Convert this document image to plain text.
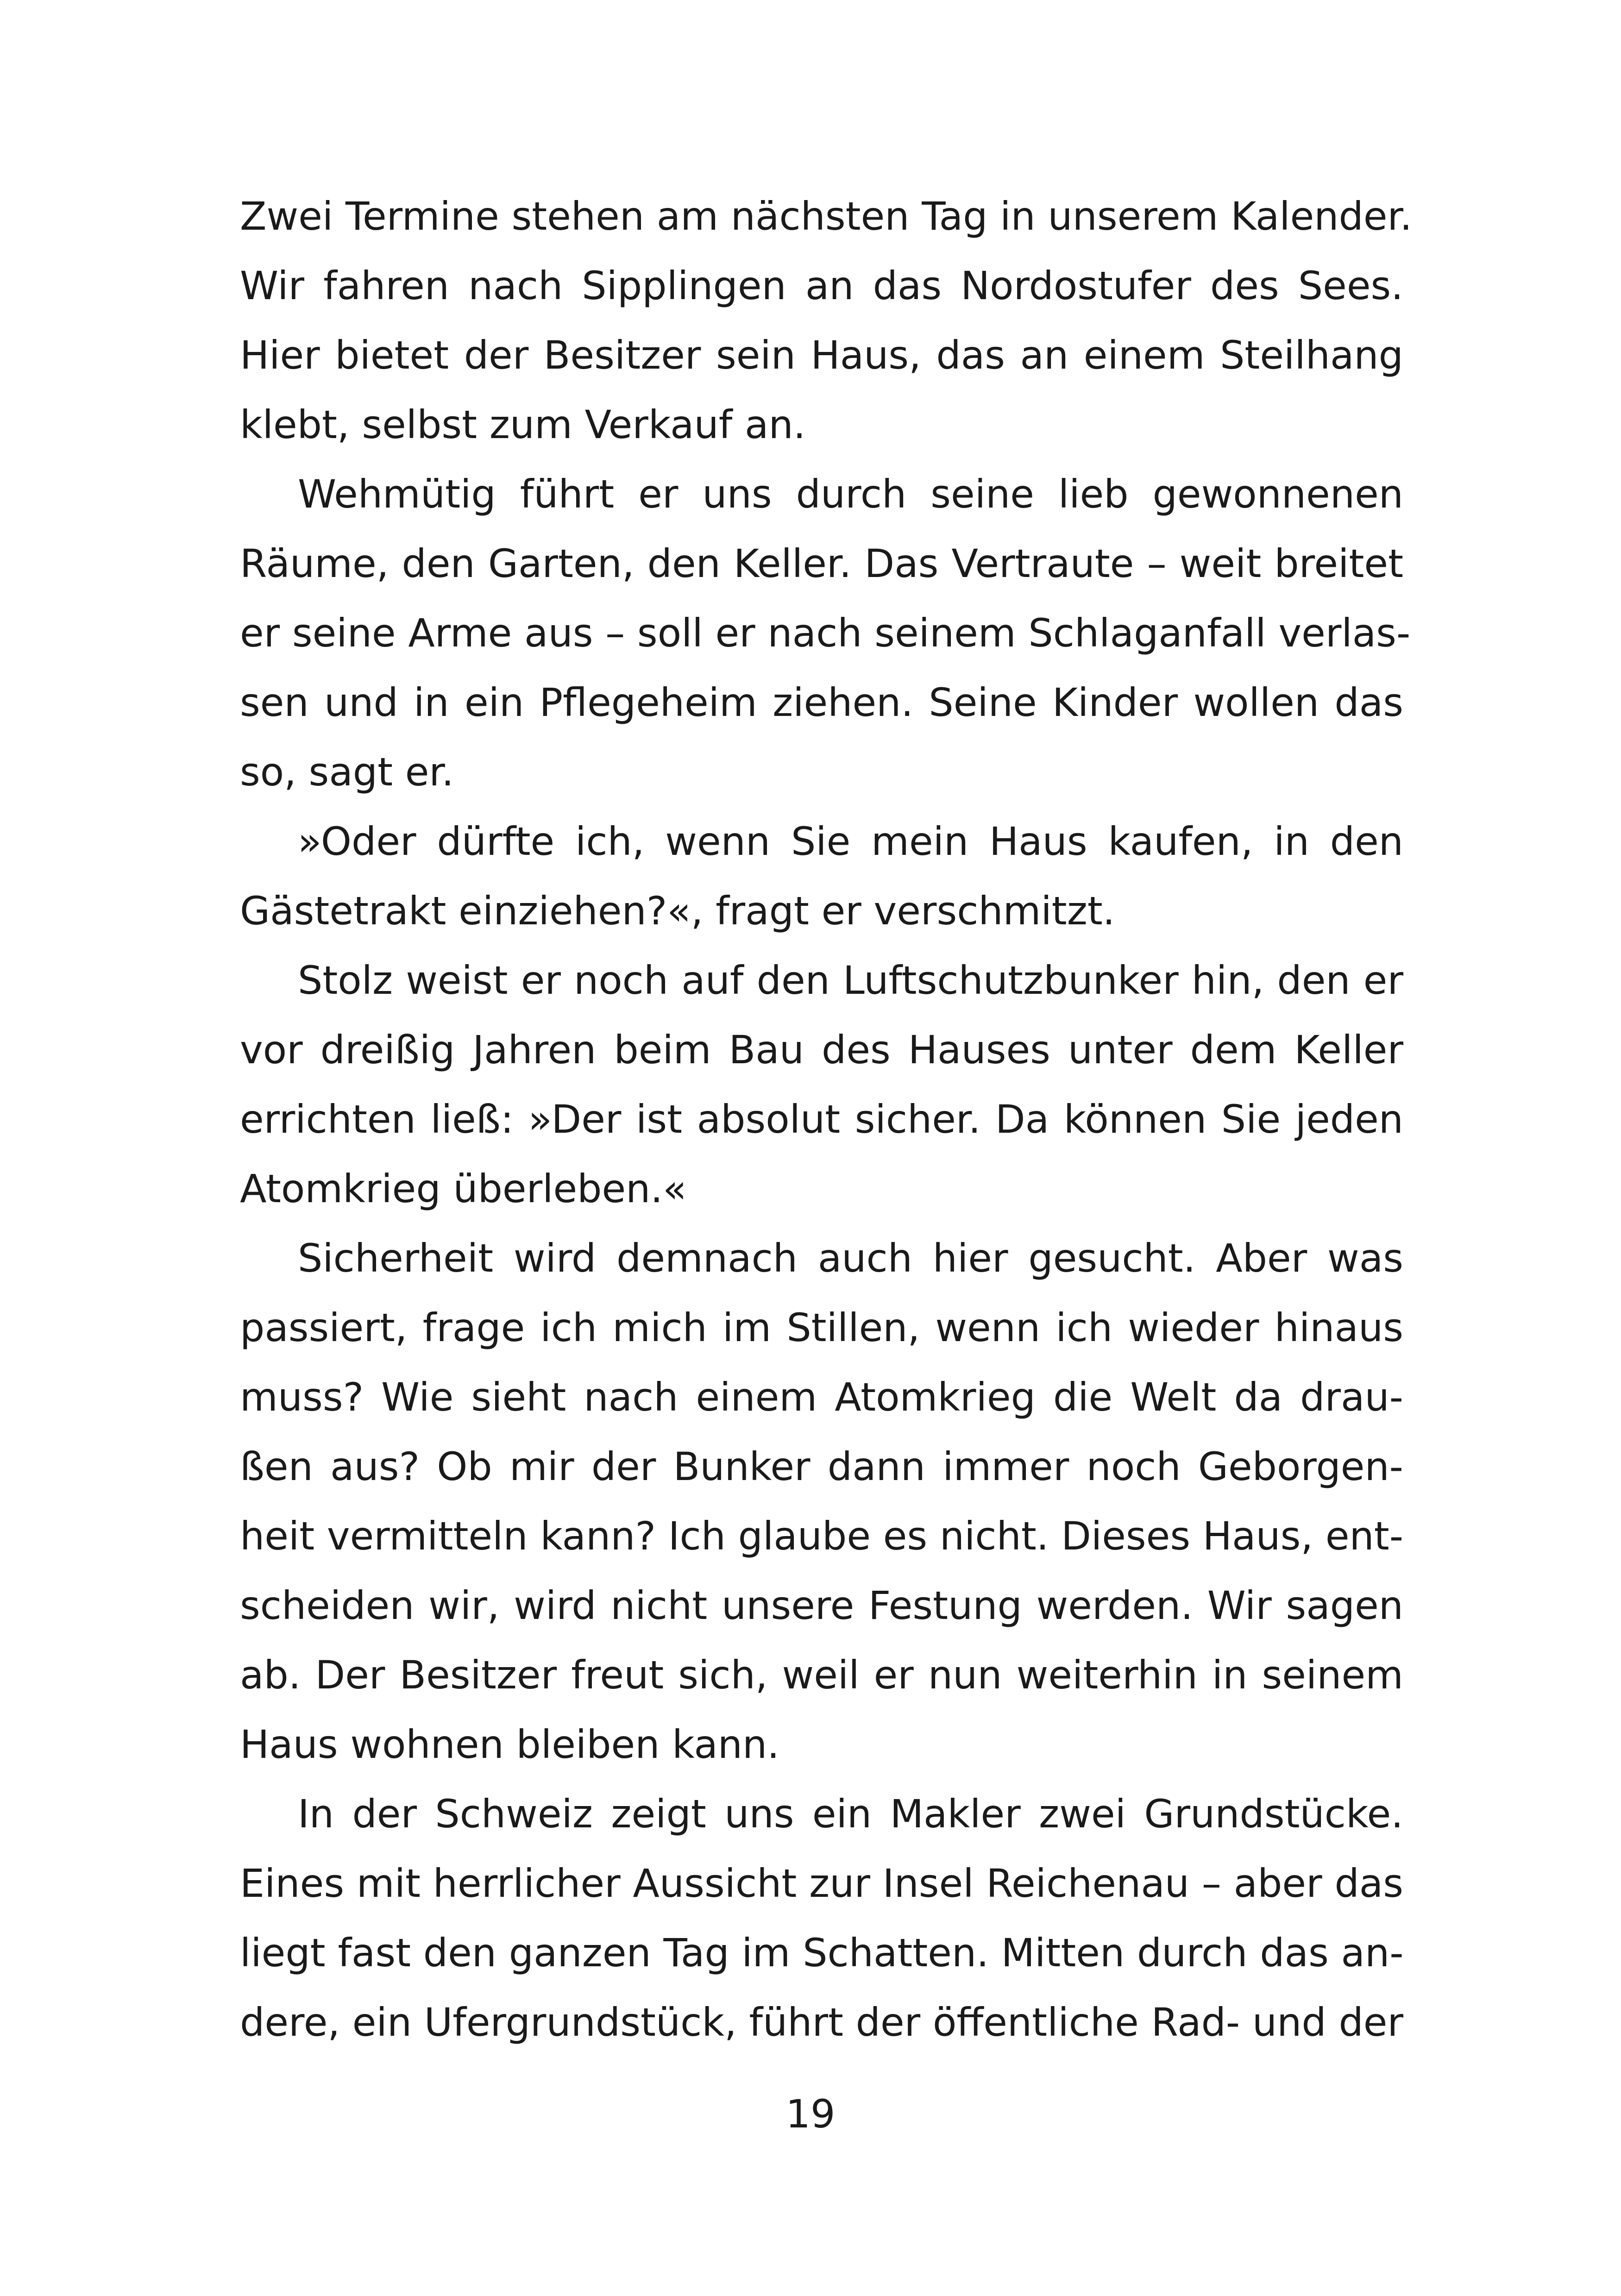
Zwei Termine stehen am nächsten Tag in unserem Kalender.
Wir fahren nach Sipplingen an das Nordostufer des Sees.
Hier bietet der Besitzer sein Haus, das an einem Steilhang
klebt, selbst zum Verkauf an.
Wehmütig führt er uns durch seine lieb gewonnenen
Räume, den Garten, den Keller. Das Vertraute – weit breitet
er seine Arme aus – soll er nach seinem Schlaganfall verlas-
sen und in ein Pflegeheim ziehen. Seine Kinder wollen das
so, sagt er.
»Oder dürfte ich, wenn Sie mein Haus kaufen, in den
Gästetrakt einziehen?«, fragt er verschmitzt.
Stolz weist er noch auf den Luftschutzbunker hin, den er
vor dreißig Jahren beim Bau des Hauses unter dem Keller
errichten ließ: »Der ist absolut sicher. Da können Sie jeden
Atomkrieg überleben.«
Sicherheit wird demnach auch hier gesucht. Aber was
passiert, frage ich mich im Stillen, wenn ich wieder hinaus
muss? Wie sieht nach einem Atomkrieg die Welt da drau-
ßen aus? Ob mir der Bunker dann immer noch Geborgen-
heit vermitteln kann? Ich glaube es nicht. Dieses Haus, ent-
scheiden wir, wird nicht unsere Festung werden. Wir sagen
ab. Der Besitzer freut sich, weil er nun weiterhin in seinem
Haus wohnen bleiben kann.
In der Schweiz zeigt uns ein Makler zwei Grundstücke.
Eines mit herrlicher Aussicht zur Insel Reichenau – aber das
liegt fast den ganzen Tag im Schatten. Mitten durch das an-
dere, ein Ufergrundstück, führt der öffentliche Rad- und der
19
